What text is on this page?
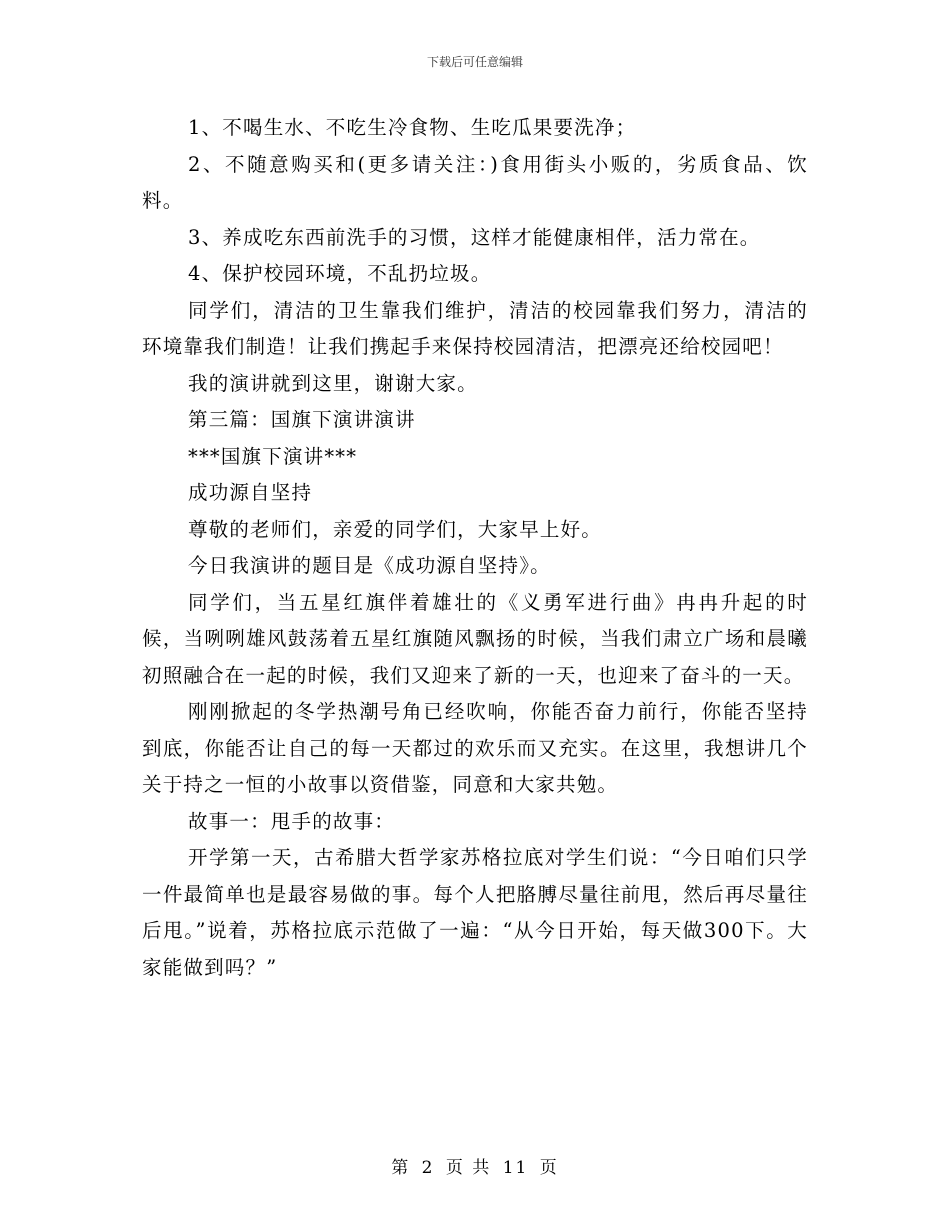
下载后可任意编辑

1、不喝生水、不吃生冷食物、生吃瓜果要洗净；

2、不随意购买和(更多请关注：)食用街头小贩的，劣质食品、饮料。

3、养成吃东西前洗手的习惯，这样才能健康相伴，活力常在。

4、保护校园环境，不乱扔垃圾。

同学们，清洁的卫生靠我们维护，清洁的校园靠我们努力，清洁的环境靠我们制造！让我们携起手来保持校园清洁，把漂亮还给校园吧！

我的演讲就到这里，谢谢大家。

第三篇：国旗下演讲演讲

***国旗下演讲***

成功源自坚持

尊敬的老师们，亲爱的同学们，大家早上好。

今日我演讲的题目是《成功源自坚持》。

同学们，当五星红旗伴着雄壮的《义勇军进行曲》冉冉升起的时候，当咧咧雄风鼓荡着五星红旗随风飘扬的时候，当我们肃立广场和晨曦初照融合在一起的时候，我们又迎来了新的一天，也迎来了奋斗的一天。

刚刚掀起的冬学热潮号角已经吹响，你能否奋力前行，你能否坚持到底，你能否让自己的每一天都过的欢乐而又充实。在这里，我想讲几个关于持之一恒的小故事以资借鉴，同意和大家共勉。

故事一：甩手的故事：

开学第一天，古希腊大哲学家苏格拉底对学生们说：“今日咱们只学一件最简单也是最容易做的事。每个人把胳膊尽量往前甩，然后再尽量往后甩。”说着，苏格拉底示范做了一遍：“从今日开始，每天做300下。大家能做到吗？”

第 2 页 共 11 页
